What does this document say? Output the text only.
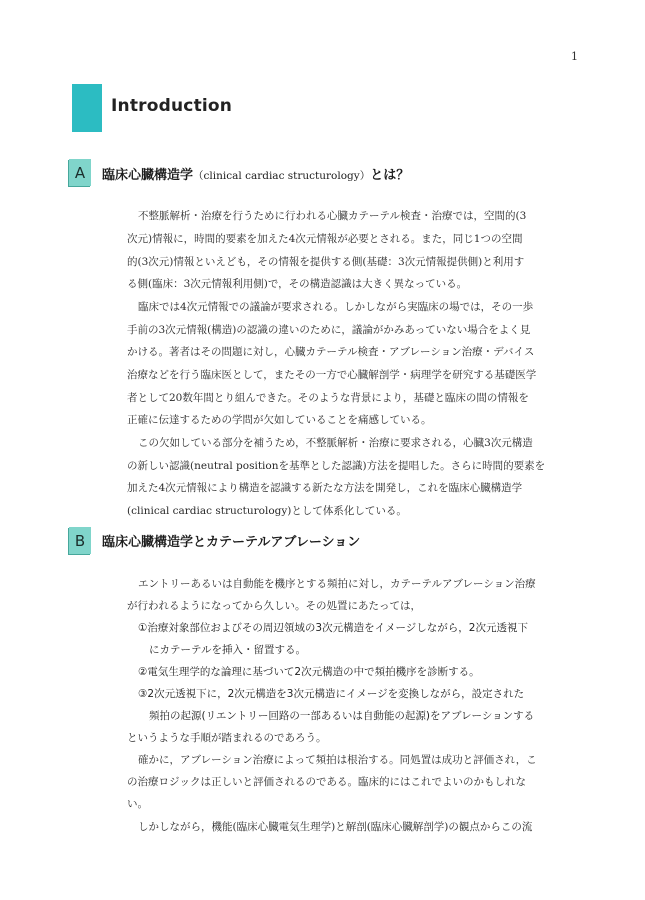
1
Introduction
A	臨床心臓構造学（clinical cardiac structurology）とは？
不整脈解析・治療を行うために行われる心臓カテーテル検査・治療では，空間的(3
次元)情報に，時間的要素を加えた4次元情報が必要とされる。また，同じ1つの空間
的(3次元)情報といえども，その情報を提供する側(基礎：3次元情報提供側)と利用す
る側(臨床：3次元情報利用側)で，その構造認識は大きく異なっている。
臨床では4次元情報での議論が要求される。しかしながら実臨床の場では，その一歩
手前の3次元情報(構造)の認識の違いのために，議論がかみあっていない場合をよく見
かける。著者はその問題に対し，心臓カテーテル検査・アブレーション治療・デバイス
治療などを行う臨床医として，またその一方で心臓解剖学・病理学を研究する基礎医学
者として20数年間とり組んできた。そのような背景により，基礎と臨床の間の情報を
正確に伝達するための学問が欠如していることを痛感している。
この欠如している部分を補うため，不整脈解析・治療に要求される，心臓3次元構造
の新しい認識(neutral positionを基準とした認識)方法を提唱した。さらに時間的要素を
加えた4次元情報により構造を認識する新たな方法を開発し，これを臨床心臓構造学
(clinical cardiac structurology)として体系化している。
B	臨床心臓構造学とカテーテルアブレーション
エントリーあるいは自動能を機序とする頻拍に対し，カテーテルアブレーション治療
が行われるようになってから久しい。その処置にあたっては，
①治療対象部位およびその周辺領域の3次元構造をイメージしながら，2次元透視下
にカテーテルを挿入・留置する。
②電気生理学的な論理に基づいて2次元構造の中で頻拍機序を診断する。
③2次元透視下に，2次元構造を3次元構造にイメージを変換しながら，設定された
頻拍の起源(リエントリー回路の一部あるいは自動能の起源)をアブレーションする
というような手順が踏まれるのであろう。
確かに，アブレーション治療によって頻拍は根治する。同処置は成功と評価され，こ
の治療ロジックは正しいと評価されるのである。臨床的にはこれでよいのかもしれな
い。
しかしながら，機能(臨床心臓電気生理学)と解剖(臨床心臓解剖学)の観点からこの流
